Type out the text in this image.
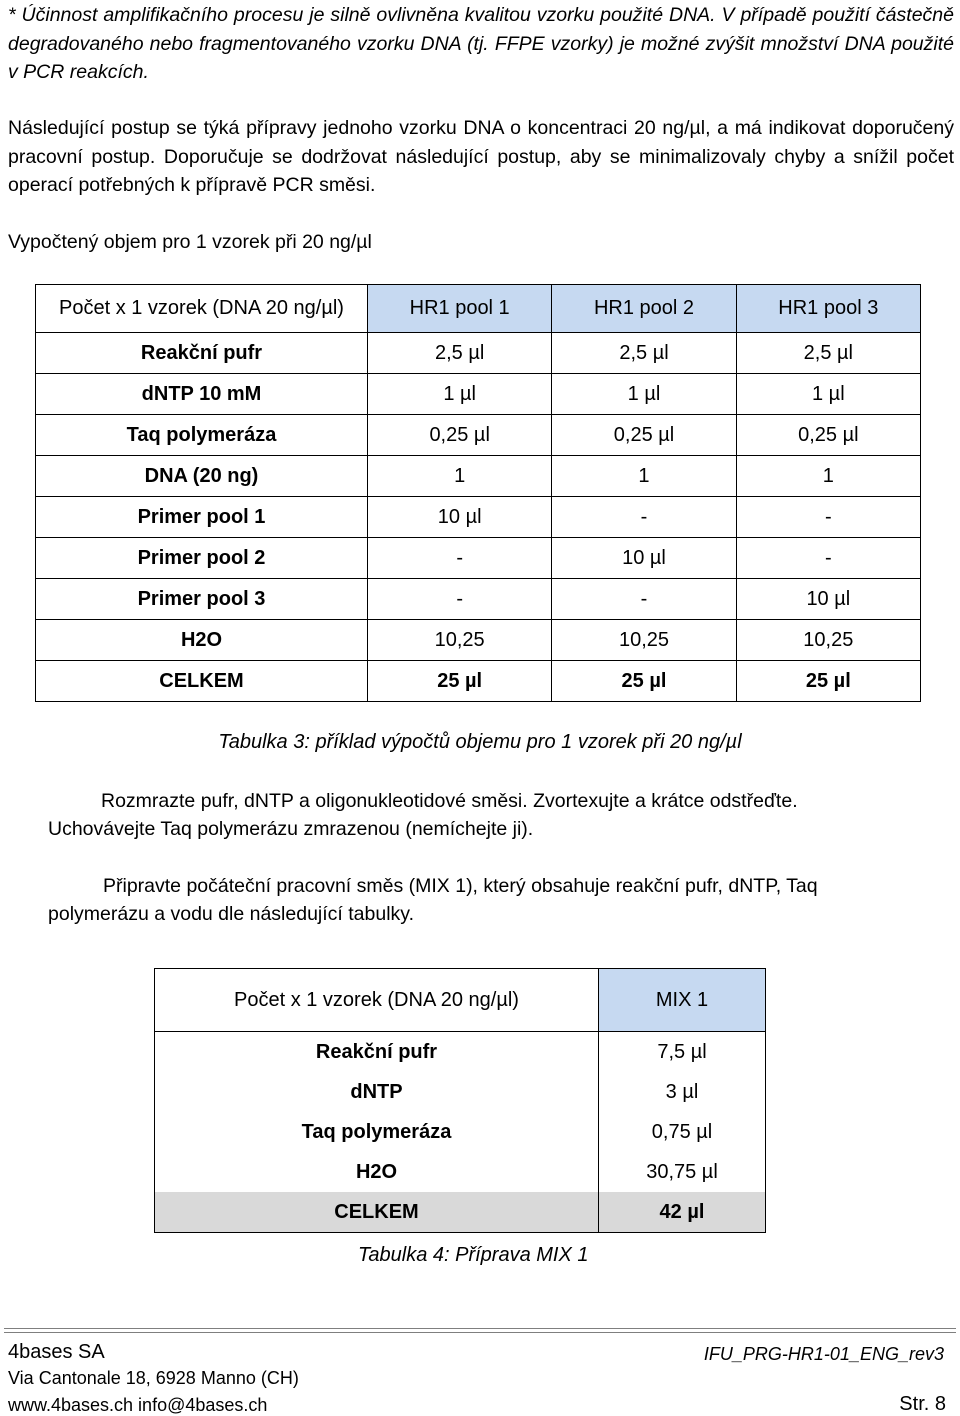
* Účinnost amplifikačního procesu je silně ovlivněna kvalitou vzorku použité DNA. V případě použití částečně degradovaného nebo fragmentovaného vzorku DNA (tj. FFPE vzorky) je možné zvýšit množství DNA použité v PCR reakcích.
Následující postup se týká přípravy jednoho vzorku DNA o koncentraci 20 ng/µl, a má indikovat doporučený pracovní postup. Doporučuje se dodržovat následující postup, aby se minimalizovaly chyby a snížil počet operací potřebných k přípravě PCR směsi.
Vypočtený objem pro 1 vzorek při 20 ng/µl
Počet x 1 vzorek (DNA 20 ng/µl)	HR1 pool 1	HR1 pool 2	HR1 pool 3
Reakční pufr	2,5 µl	2,5 µl	2,5 µl
dNTP 10 mM	1 µl	1 µl	1 µl
Taq polymeráza	0,25 µl	0,25 µl	0,25 µl
DNA (20 ng)	1	1	1
Primer pool 1	10 µl	-	-
Primer pool 2	-	10 µl	-
Primer pool 3	-	-	10 µl
H2O	10,25	10,25	10,25
CELKEM	25 µl	25 µl	25 µl
Tabulka 3: příklad výpočtů objemu pro 1 vzorek při 20 ng/µl
Rozmrazte pufr, dNTP a oligonukleotidové směsi. Zvortexujte a krátce odstřeďte.
Uchovávejte Taq polymerázu zmrazenou (nemíchejte ji).
Připravte počáteční pracovní směs (MIX 1), který obsahuje reakční pufr, dNTP, Taq
polymerázu a vodu dle následující tabulky.
Počet x 1 vzorek (DNA 20 ng/µl)	MIX 1
Reakční pufr	7,5 µl
dNTP	3 µl
Taq polymeráza	0,75 µl
H2O	30,75 µl
CELKEM	42 µl
Tabulka 4: Příprava MIX 1
4bases SA
Via Cantonale 18, 6928 Manno (CH)
www.4bases.ch info@4bases.ch
IFU_PRG-HR1-01_ENG_rev3
Str. 8
